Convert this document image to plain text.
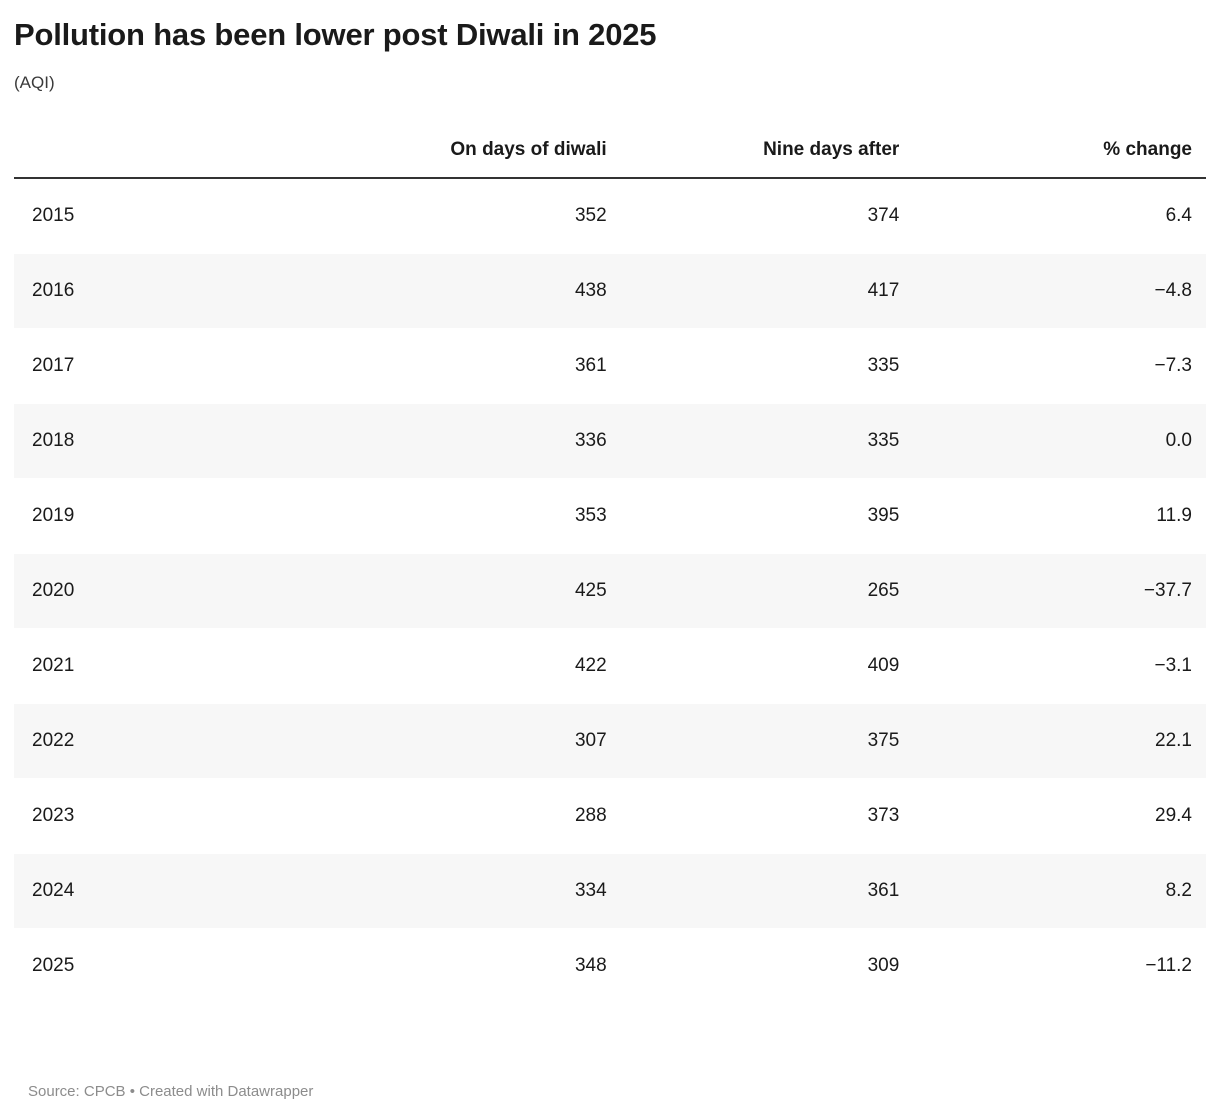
Pollution has been lower post Diwali in 2025
(AQI)
	On days of diwali	Nine days after	% change
2015	352	374	6.4
2016	438	417	−4.8
2017	361	335	−7.3
2018	336	335	0.0
2019	353	395	11.9
2020	425	265	−37.7
2021	422	409	−3.1
2022	307	375	22.1
2023	288	373	29.4
2024	334	361	8.2
2025	348	309	−11.2
Source: CPCB • Created with Datawrapper
